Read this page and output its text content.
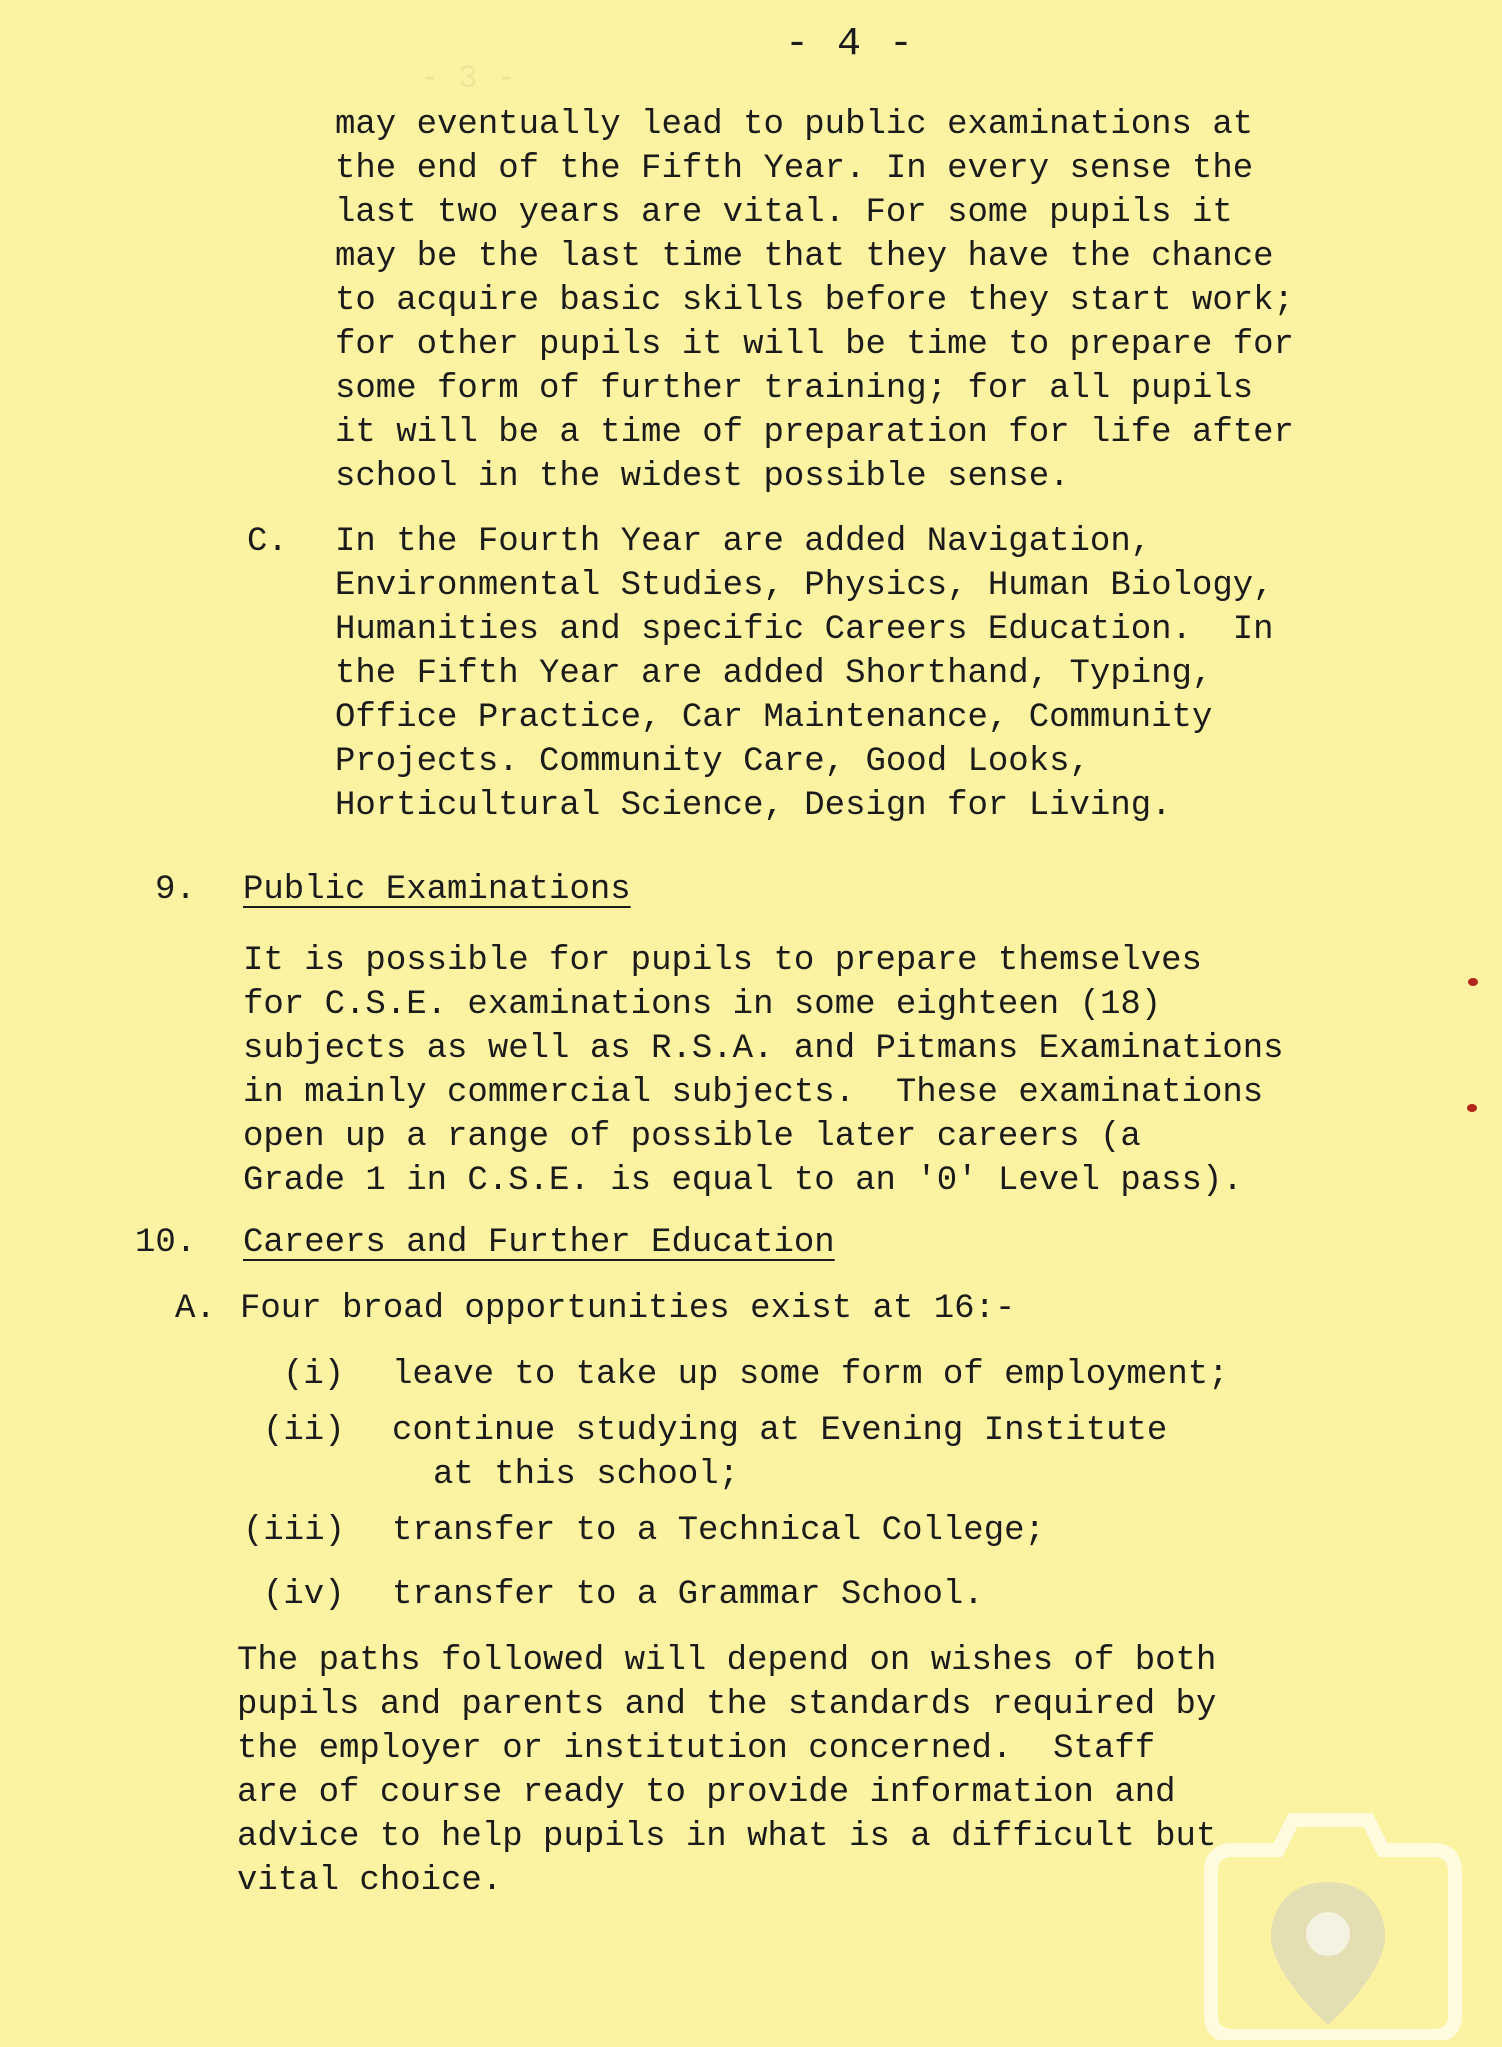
- 3 -
- 4 -
may eventually lead to public examinations at
the end of the Fifth Year. In every sense the
last two years are vital. For some pupils it
may be the last time that they have the chance
to acquire basic skills before they start work;
for other pupils it will be time to prepare for
some form of further training; for all pupils
it will be a time of preparation for life after
school in the widest possible sense.
C. In the Fourth Year are added Navigation,
Environmental Studies, Physics, Human Biology,
Humanities and specific Careers Education.  In
the Fifth Year are added Shorthand, Typing,
Office Practice, Car Maintenance, Community
Projects. Community Care, Good Looks,
Horticultural Science, Design for Living.
9. Public Examinations
It is possible for pupils to prepare themselves
for C.S.E. examinations in some eighteen (18)
subjects as well as R.S.A. and Pitmans Examinations
in mainly commercial subjects.  These examinations
open up a range of possible later careers (a
Grade 1 in C.S.E. is equal to an '0' Level pass).
10. Careers and Further Education
A. Four broad opportunities exist at 16:-
(i) leave to take up some form of employment;
(ii) continue studying at Evening Institute
at this school;
(iii) transfer to a Technical College;
(iv) transfer to a Grammar School.
The paths followed will depend on wishes of both
pupils and parents and the standards required by
the employer or institution concerned.  Staff
are of course ready to provide information and
advice to help pupils in what is a difficult but
vital choice.
